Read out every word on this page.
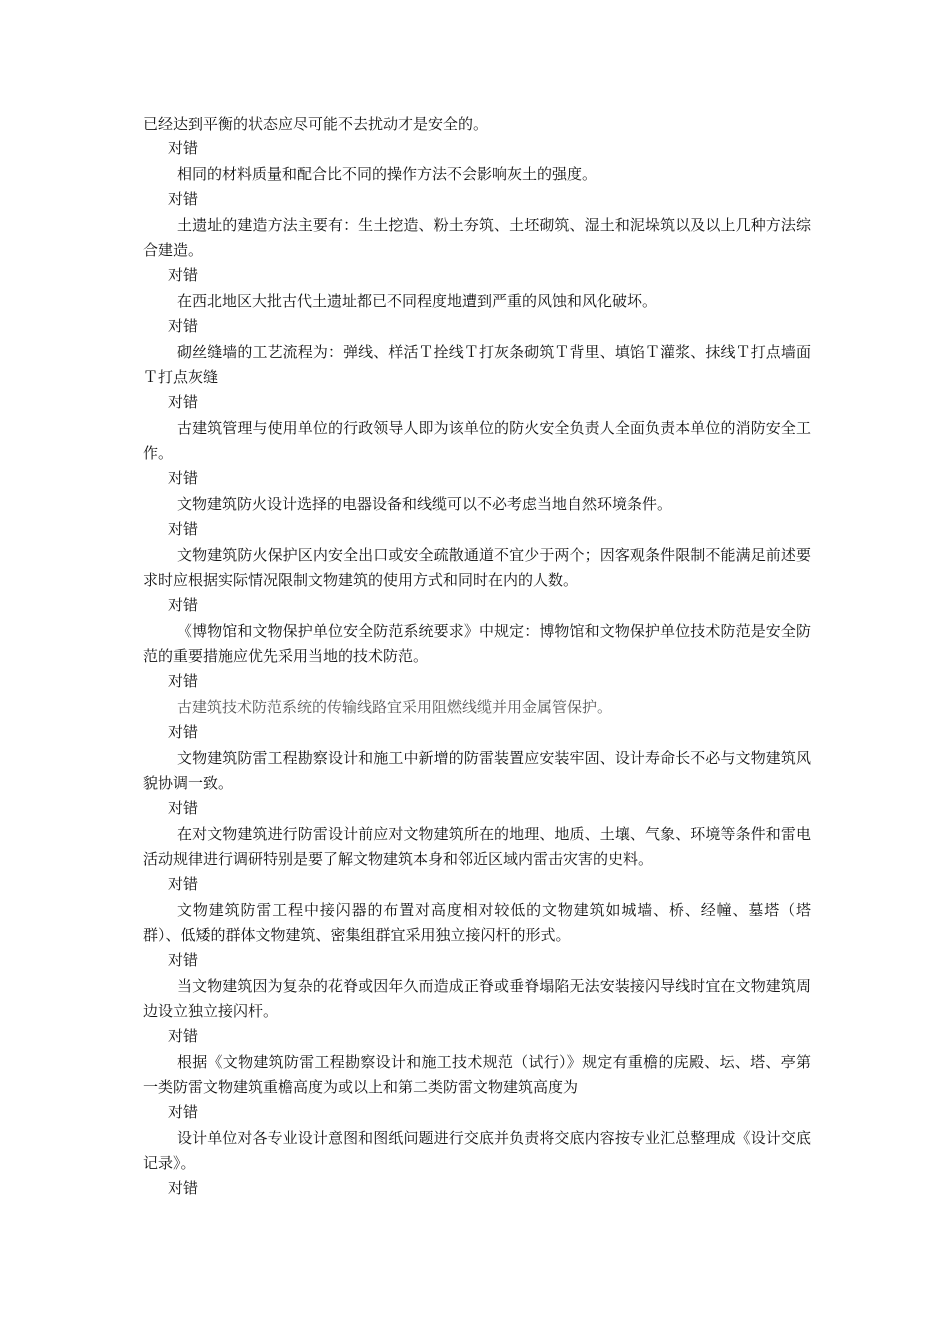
已经达到平衡的状态应尽可能不去扰动才是安全的。

对错

相同的材料质量和配合比不同的操作方法不会影响灰土的强度。

对错

土遗址的建造方法主要有：生土挖造、粉土夯筑、土坯砌筑、湿土和泥垛筑以及以上几种方法综合建造。

对错

在西北地区大批古代土遗址都已不同程度地遭到严重的风蚀和风化破坏。

对错

砌丝缝墙的工艺流程为：弹线、样活Ｔ拴线Ｔ打灰条砌筑Ｔ背里、填馅Ｔ灌浆、抹线Ｔ打点墙面Ｔ打点灰缝

对错

古建筑管理与使用单位的行政领导人即为该单位的防火安全负责人全面负责本单位的消防安全工作。

对错

文物建筑防火设计选择的电器设备和线缆可以不必考虑当地自然环境条件。

对错

文物建筑防火保护区内安全出口或安全疏散通道不宜少于两个；因客观条件限制不能满足前述要求时应根据实际情况限制文物建筑的使用方式和同时在内的人数。

对错

《博物馆和文物保护单位安全防范系统要求》中规定：博物馆和文物保护单位技术防范是安全防范的重要措施应优先采用当地的技术防范。

对错

古建筑技术防范系统的传输线路宜采用阻燃线缆并用金属管保护。

对错

文物建筑防雷工程勘察设计和施工中新增的防雷装置应安装牢固、设计寿命长不必与文物建筑风貌协调一致。

对错

在对文物建筑进行防雷设计前应对文物建筑所在的地理、地质、土壤、气象、环境等条件和雷电活动规律进行调研特别是要了解文物建筑本身和邻近区域内雷击灾害的史料。

对错

文物建筑防雷工程中接闪器的布置对高度相对较低的文物建筑如城墙、桥、经幢、墓塔（塔群）、低矮的群体文物建筑、密集组群宜采用独立接闪杆的形式。

对错

当文物建筑因为复杂的花脊或因年久而造成正脊或垂脊塌陷无法安装接闪导线时宜在文物建筑周边设立独立接闪杆。

对错

根据《文物建筑防雷工程勘察设计和施工技术规范（试行）》规定有重檐的庑殿、坛、塔、亭第一类防雷文物建筑重檐高度为或以上和第二类防雷文物建筑高度为

对错

设计单位对各专业设计意图和图纸问题进行交底并负责将交底内容按专业汇总整理成《设计交底记录》。

对错
